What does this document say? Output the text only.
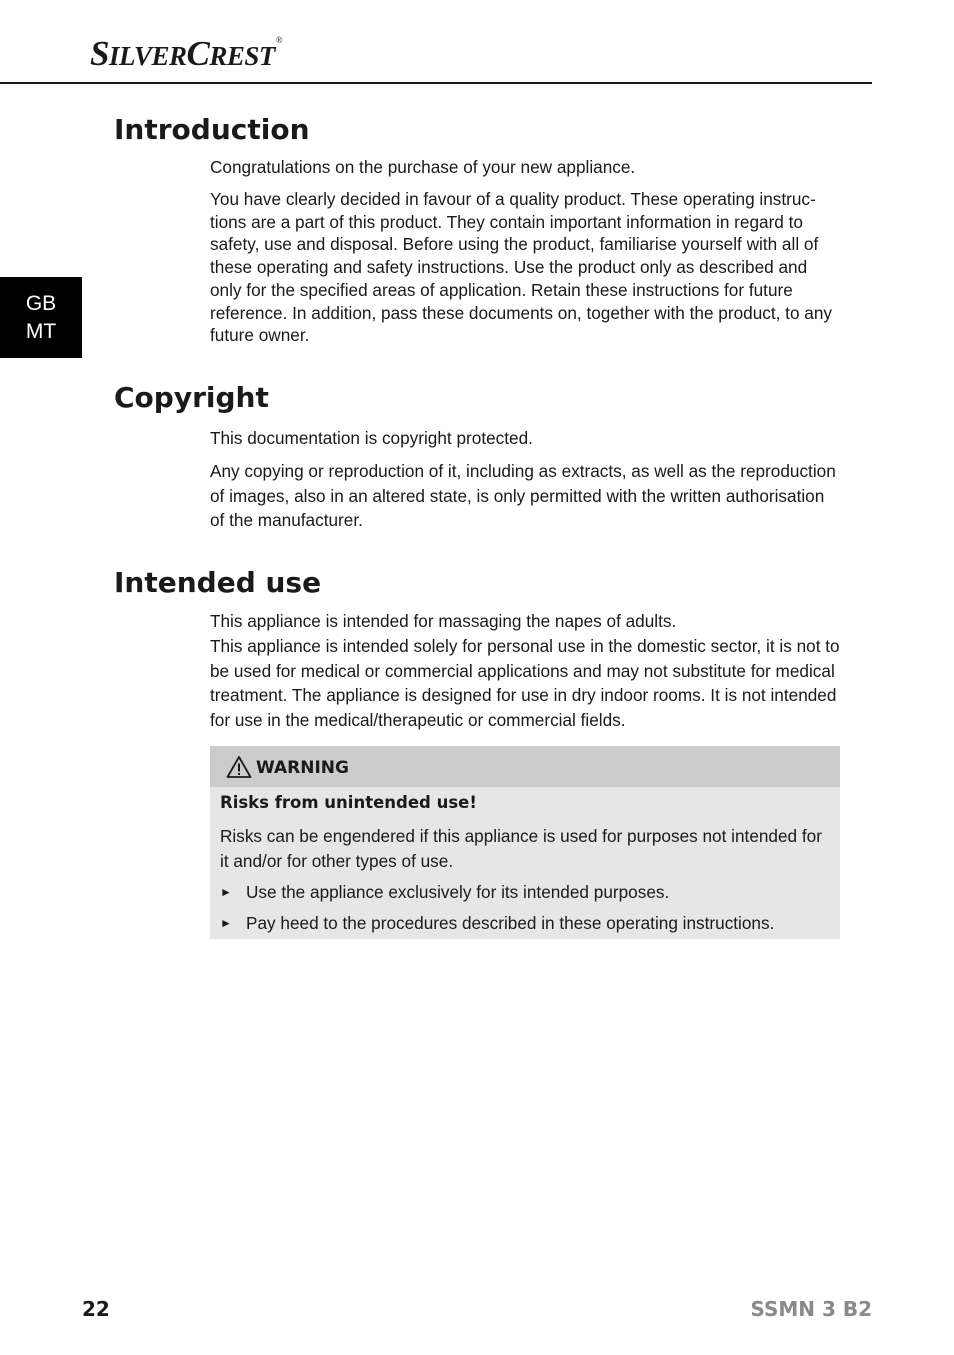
SILVERCREST®
GB
MT
Introduction

Congratulations on the purchase of your new appliance.

You have clearly decided in favour of a quality product. These operating instruc-tions are a part of this product. They contain important information in regard to safety, use and disposal. Before using the product, familiarise yourself with all of these operating and safety instructions. Use the product only as described and only for the specified areas of application. Retain these instructions for future reference. In addition, pass these documents on, together with the product, to any future owner.

Copyright

This documentation is copyright protected.

Any copying or reproduction of it, including as extracts, as well as the reproduction of images, also in an altered state, is only permitted with the written authorisation of the manufacturer.

Intended use

This appliance is intended for massaging the napes of adults.

This appliance is intended solely for personal use in the domestic sector, it is not to be used for medical or commercial applications and may not substitute for medical treatment. The appliance is designed for use in dry indoor rooms. It is not intended for use in the medical/therapeutic or commercial fields.

WARNING
Risks from unintended use!
Risks can be engendered if this appliance is used for purposes not intended for it and/or for other types of use.
► Use the appliance exclusively for its intended purposes.
► Pay heed to the procedures described in these operating instructions.
22	SSMN 3 B2
